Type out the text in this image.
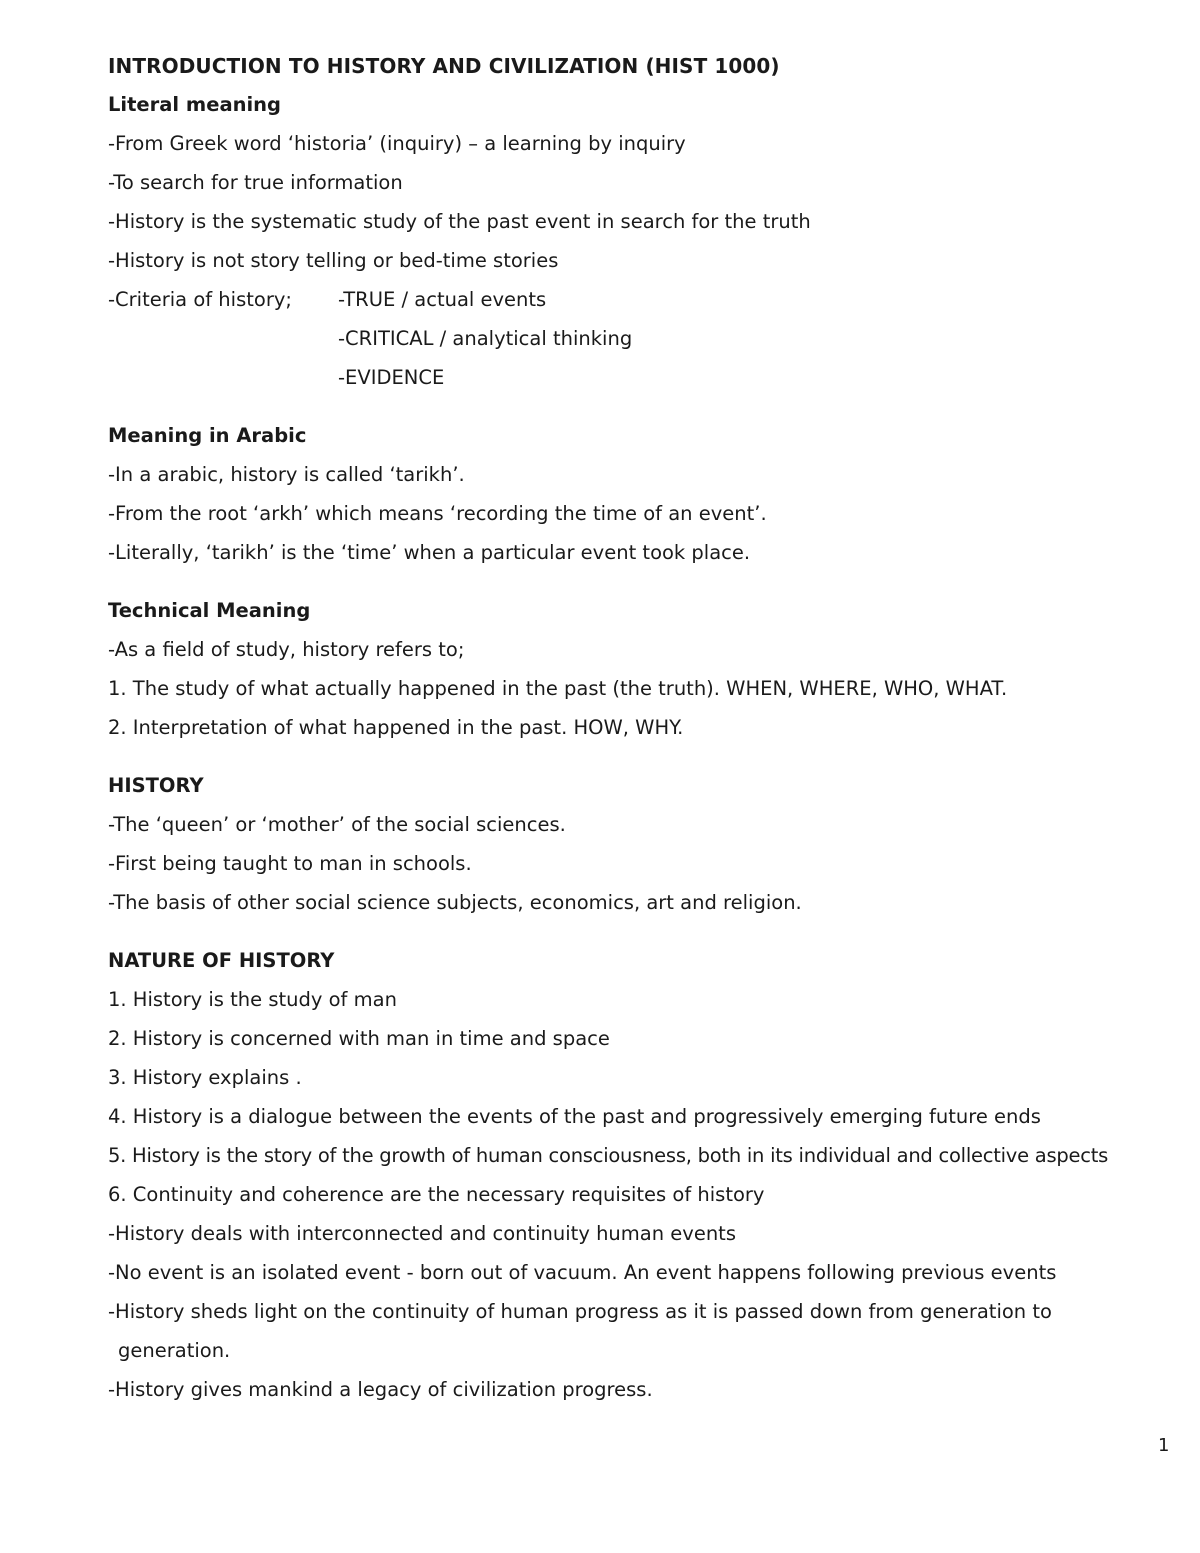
INTRODUCTION TO HISTORY AND CIVILIZATION (HIST 1000)
Literal meaning
-From Greek word ‘historia’ (inquiry) – a learning by inquiry
-To search for true information
-History is the systematic study of the past event in search for the truth
-History is not story telling or bed-time stories
-Criteria of history;	-TRUE / actual events
-CRITICAL / analytical thinking
-EVIDENCE
Meaning in Arabic
-In a arabic, history is called ‘tarikh’.
-From the root ‘arkh’ which means ‘recording the time of an event’.
-Literally, ‘tarikh’ is the ‘time’ when a particular event took place.
Technical Meaning
-As a field of study, history refers to;
1. The study of what actually happened in the past (the truth). WHEN, WHERE, WHO, WHAT.
2. Interpretation of what happened in the past. HOW, WHY.
HISTORY
-The ‘queen’ or ‘mother’ of the social sciences.
-First being taught to man in schools.
-The basis of other social science subjects, economics, art and religion.
NATURE OF HISTORY
1. History is the study of man
2. History is concerned with man in time and space
3. History explains .
4. History is a dialogue between the events of the past and progressively emerging future ends
5. History is the story of the growth of human consciousness, both in its individual and collective aspects
6. Continuity and coherence are the necessary requisites of history
-History deals with interconnected and continuity human events
-No event is an isolated event - born out of vacuum. An event happens following previous events
-History sheds light on the continuity of human progress as it is passed down from generation to
generation.
-History gives mankind a legacy of civilization progress.
1
